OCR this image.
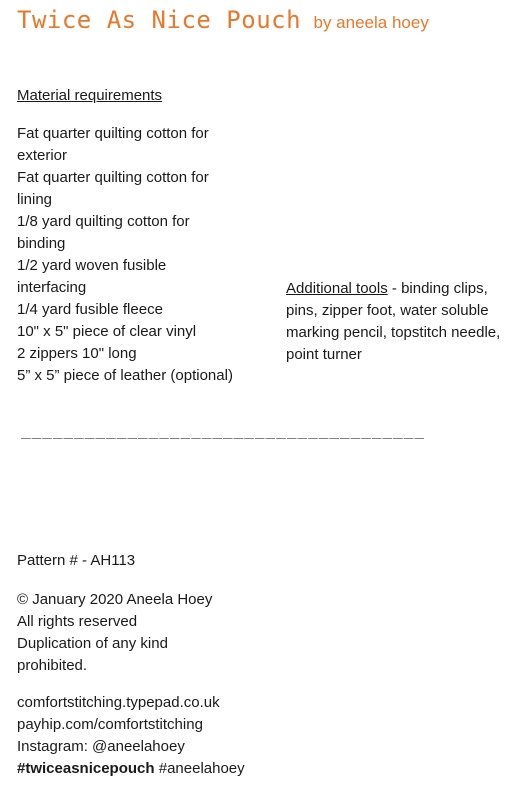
Twice As Nice Pouch by aneela hoey
Material requirements
Fat quarter quilting cotton for
exterior
Fat quarter quilting cotton for
lining
1/8 yard quilting cotton for
binding
1/2 yard woven fusible
interfacing
1/4 yard fusible fleece
10" x 5" piece of clear vinyl
2 zippers 10" long
5” x 5” piece of leather (optional)
Additional tools - binding clips, pins, zipper foot, water soluble marking pencil, topstitch needle, point turner
______________________________________
Pattern # - AH113
© January 2020 Aneela Hoey
All rights reserved
Duplication of any kind
prohibited.
comfortstitching.typepad.co.uk
payhip.com/comfortstitching
Instagram: @aneelahoey
#twiceasnicepouch #aneelahoey
